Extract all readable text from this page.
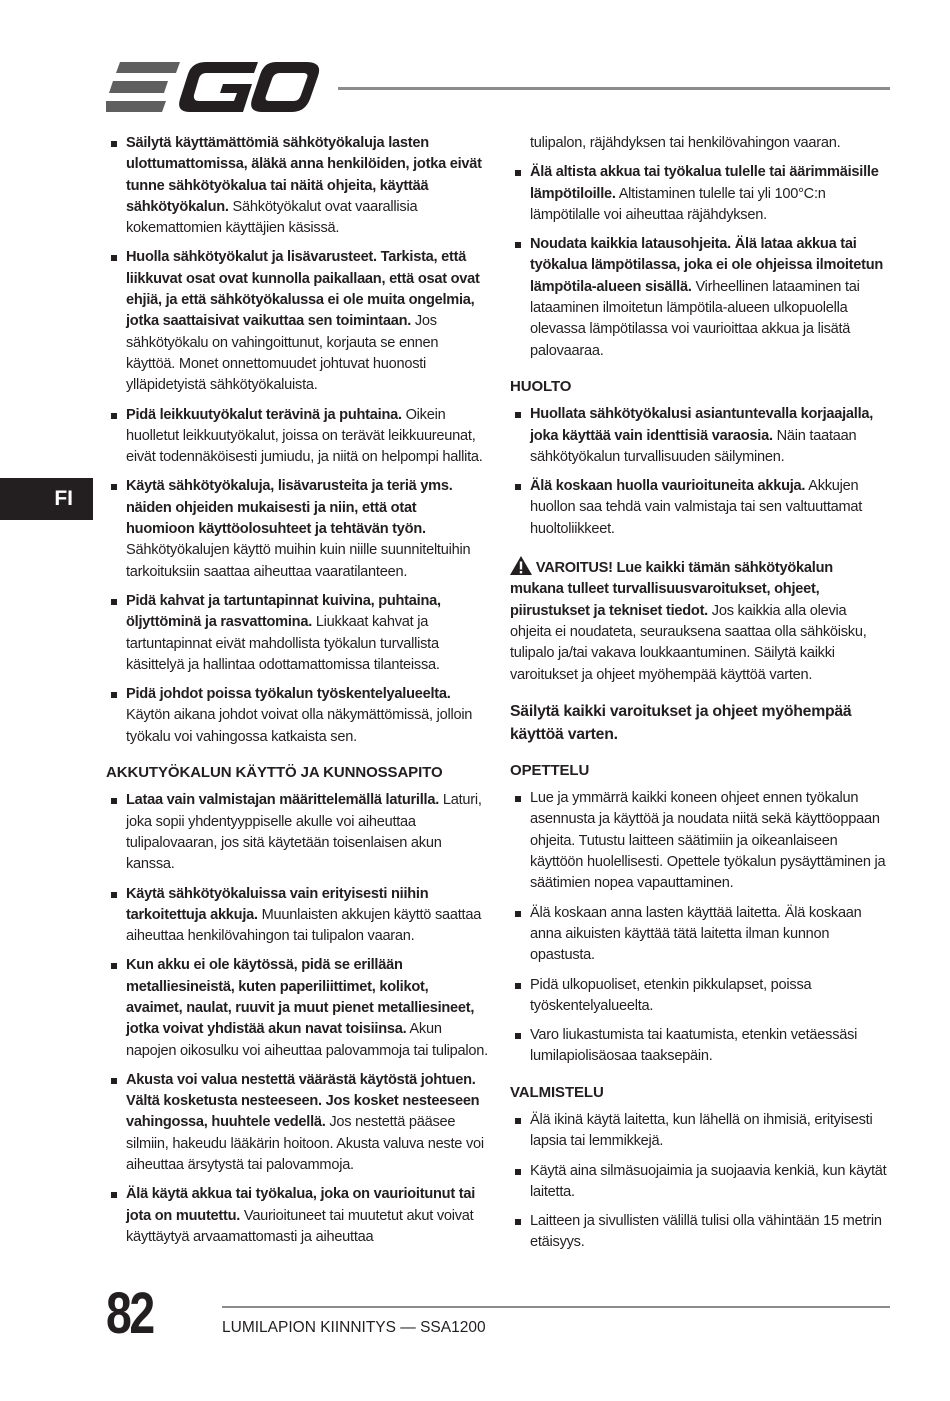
FI
Säilytä käyttämättömiä sähkötyökaluja lasten ulottumattomissa, äläkä anna henkilöiden, jotka eivät tunne sähkötyökalua tai näitä ohjeita, käyttää sähkötyökalun. Sähkötyökalut ovat vaarallisia kokemattomien käyttäjien käsissä.
Huolla sähkötyökalut ja lisävarusteet. Tarkista, että liikkuvat osat ovat kunnolla paikallaan, että osat ovat ehjiä, ja että sähkötyökalussa ei ole muita ongelmia, jotka saattaisivat vaikuttaa sen toimintaan. Jos sähkötyökalu on vahingoittunut, korjauta se ennen käyttöä. Monet onnettomuudet johtuvat huonosti ylläpidetyistä sähkötyökaluista.
Pidä leikkuutyökalut terävinä ja puhtaina. Oikein huolletut leikkuutyökalut, joissa on terävät leikkuureunat, eivät todennäköisesti jumiudu, ja niitä on helpompi hallita.
Käytä sähkötyökaluja, lisävarusteita ja teriä yms. näiden ohjeiden mukaisesti ja niin, että otat huomioon käyttöolosuhteet ja tehtävän työn. Sähkötyökalujen käyttö muihin kuin niille suunniteltuihin tarkoituksiin saattaa aiheuttaa vaaratilanteen.
Pidä kahvat ja tartuntapinnat kuivina, puhtaina, öljyttöminä ja rasvattomina. Liukkaat kahvat ja tartuntapinnat eivät mahdollista työkalun turvallista käsittelyä ja hallintaa odottamattomissa tilanteissa.
Pidä johdot poissa työkalun työskentelyalueelta. Käytön aikana johdot voivat olla näkymättömissä, jolloin työkalu voi vahingossa katkaista sen.
AKKUTYÖKALUN KÄYTTÖ JA KUNNOSSAPITO
Lataa vain valmistajan määrittelemällä laturilla. Laturi, joka sopii yhdentyyppiselle akulle voi aiheuttaa tulipalovaaran, jos sitä käytetään toisenlaisen akun kanssa.
Käytä sähkötyökaluissa vain erityisesti niihin tarkoitettuja akkuja. Muunlaisten akkujen käyttö saattaa aiheuttaa henkilövahingon tai tulipalon vaaran.
Kun akku ei ole käytössä, pidä se erillään metalliesineistä, kuten paperiliittimet, kolikot, avaimet, naulat, ruuvit ja muut pienet metalliesineet, jotka voivat yhdistää akun navat toisiinsa. Akun napojen oikosulku voi aiheuttaa palovammoja tai tulipalon.
Akusta voi valua nestettä väärästä käytöstä johtuen. Vältä kosketusta nesteeseen. Jos kosket nesteeseen vahingossa, huuhtele vedellä. Jos nestettä pääsee silmiin, hakeudu lääkärin hoitoon. Akusta valuva neste voi aiheuttaa ärsytystä tai palovammoja.
Älä käytä akkua tai työkalua, joka on vaurioitunut tai jota on muutettu. Vaurioituneet tai muutetut akut voivat käyttäytyä arvaamattomasti ja aiheuttaa
tulipalon, räjähdyksen tai henkilövahingon vaaran.
Älä altista akkua tai työkalua tulelle tai äärimmäisille lämpötiloille. Altistaminen tulelle tai yli 100°C:n lämpötilalle voi aiheuttaa räjähdyksen.
Noudata kaikkia latausohjeita. Älä lataa akkua tai työkalua lämpötilassa, joka ei ole ohjeissa ilmoitetun lämpötila-alueen sisällä. Virheellinen lataaminen tai lataaminen ilmoitetun lämpötila-alueen ulkopuolella olevassa lämpötilassa voi vaurioittaa akkua ja lisätä palovaaraa.
HUOLTO
Huollata sähkötyökalusi asiantuntevalla korjaajalla, joka käyttää vain identtisiä varaosia. Näin taataan sähkötyökalun turvallisuuden säilyminen.
Älä koskaan huolla vaurioituneita akkuja. Akkujen huollon saa tehdä vain valmistaja tai sen valtuuttamat huoltoliikkeet.
VAROITUS! Lue kaikki tämän sähkötyökalun mukana tulleet turvallisuusvaroitukset, ohjeet, piirustukset ja tekniset tiedot. Jos kaikkia alla olevia ohjeita ei noudateta, seurauksena saattaa olla sähköisku, tulipalo ja/tai vakava loukkaantuminen. Säilytä kaikki varoitukset ja ohjeet myöhempää käyttöä varten.
Säilytä kaikki varoitukset ja ohjeet myöhempää käyttöä varten.
OPETTELU
Lue ja ymmärrä kaikki koneen ohjeet ennen työkalun asennusta ja käyttöä ja noudata niitä sekä käyttöoppaan ohjeita. Tutustu laitteen säätimiin ja oikeanlaiseen käyttöön huolellisesti. Opettele työkalun pysäyttäminen ja säätimien nopea vapauttaminen.
Älä koskaan anna lasten käyttää laitetta. Älä koskaan anna aikuisten käyttää tätä laitetta ilman kunnon opastusta.
Pidä ulkopuoliset, etenkin pikkulapset, poissa työskentelyalueelta.
Varo liukastumista tai kaatumista, etenkin vetäessäsi lumilapiolisäosaa taaksepäin.
VALMISTELU
Älä ikinä käytä laitetta, kun lähellä on ihmisiä, erityisesti lapsia tai lemmikkejä.
Käytä aina silmäsuojaimia ja suojaavia kenkiä, kun käytät laitetta.
Laitteen ja sivullisten välillä tulisi olla vähintään 15 metrin etäisyys.
82	LUMILAPION KIINNITYS — SSA1200
